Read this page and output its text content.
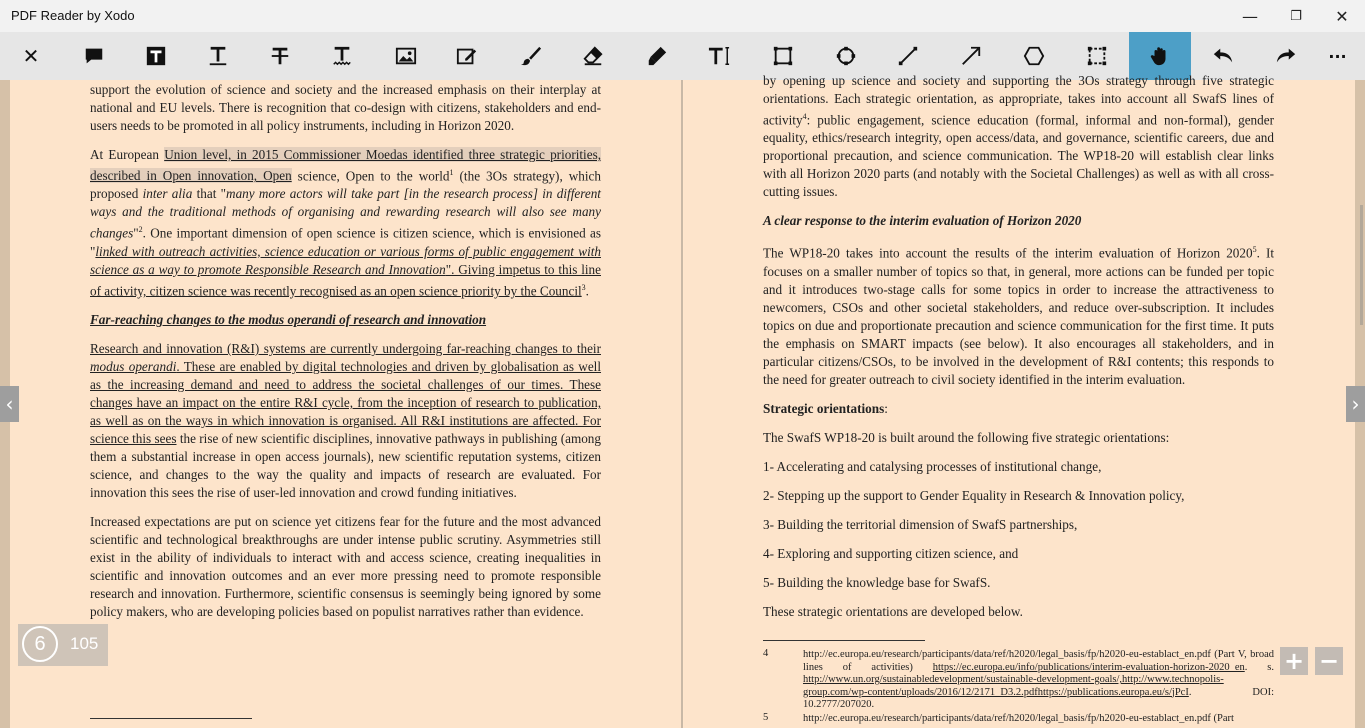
PDF Reader by Xodo	—	❐	✕
✕	···

support the evolution of science and society and the increased emphasis on their interplay at national and EU levels. There is recognition that co-design with citizens, stakeholders and end-users needs to be promoted in all policy instruments, including in Horizon 2020.

At European Union level, in 2015 Commissioner Moedas identified three strategic priorities, described in Open innovation, Open science, Open to the world$^1$ (the 3Os strategy), which proposed inter alia that "many more actors will take part [in the research process] in different ways and the traditional methods of organising and rewarding research will also see many changes"$^2$. One important dimension of open science is citizen science, which is envisioned as "linked with outreach activities, science education or various forms of public engagement with science as a way to promote Responsible Research and Innovation". Giving impetus to this line of activity, citizen science was recently recognised as an open science priority by the Council$^3$.

Far-reaching changes to the modus operandi of research and innovation

Research and innovation (R&I) systems are currently undergoing far-reaching changes to their modus operandi. These are enabled by digital technologies and driven by globalisation as well as the increasing demand and need to address the societal challenges of our times. These changes have an impact on the entire R&I cycle, from the inception of research to publication, as well as on the ways in which innovation is organised. All R&I institutions are affected. For science this sees the rise of new scientific disciplines, innovative pathways in publishing (among them a substantial increase in open access journals), new scientific reputation systems, citizen science, and changes to the way the quality and impacts of research are evaluated. For innovation this sees the rise of user-led innovation and crowd funding initiatives.

Increased expectations are put on science yet citizens fear for the future and the most advanced scientific and technological breakthroughs are under intense public scrutiny. Asymmetries still exist in the ability of individuals to interact with and access science, creating inequalities in scientific and innovation outcomes and an ever more pressing need to promote responsible research and innovation. Furthermore, scientific consensus is seemingly being ignored by some policy makers, who are developing policies based on populist narratives rather than evidence.

by opening up science and society and supporting the 3Os strategy through five strategic orientations. Each strategic orientation, as appropriate, takes into account all SwafS lines of activity$^4$: public engagement, science education (formal, informal and non-formal), gender equality, ethics/research integrity, open access/data, and governance, scientific careers, due and proportional precaution, and science communication. The WP18-20 will establish clear links with all Horizon 2020 parts (and notably with the Societal Challenges) as well as with all cross-cutting issues.

A clear response to the interim evaluation of Horizon 2020

The WP18-20 takes into account the results of the interim evaluation of Horizon 2020$^5$. It focuses on a smaller number of topics so that, in general, more actions can be funded per topic and it introduces two-stage calls for some topics in order to increase the attractiveness to newcomers, CSOs and other societal stakeholders, and reduce over-subscription. It includes topics on due and proportionate precaution and science communication for the first time. It puts the emphasis on SMART impacts (see below). It also encourages all stakeholders, and in particular citizens/CSOs, to be involved in the development of R&I contents; this responds to the need for greater outreach to civil society identified in the interim evaluation.

Strategic orientations:

The SwafS WP18-20 is built around the following five strategic orientations:

1- Accelerating and catalysing processes of institutional change,

2- Stepping up the support to Gender Equality in Research & Innovation policy,

3- Building the territorial dimension of SwafS partnerships,

4- Exploring and supporting citizen science, and

5- Building the knowledge base for SwafS.

These strategic orientations are developed below.

4	http://ec.europa.eu/research/participants/data/ref/h2020/legal_basis/fp/h2020-eu-establact_en.pdf (Part V, broad lines of activities) https://ec.europa.eu/info/publications/interim-evaluation-horizon-2020_en. s. http://www.un.org/sustainabledevelopment/sustainable-development-goals/,http://www.technopolis-group.com/wp-content/uploads/2016/12/2171_D3.2.pdfhttps://publications.europa.eu/s/jPcI. DOI: 10.2777/207020.
5	http://ec.europa.eu/research/participants/data/ref/h2020/legal_basis/fp/h2020-eu-establact_en.pdf (Part
‹	›
6	105
+ −
